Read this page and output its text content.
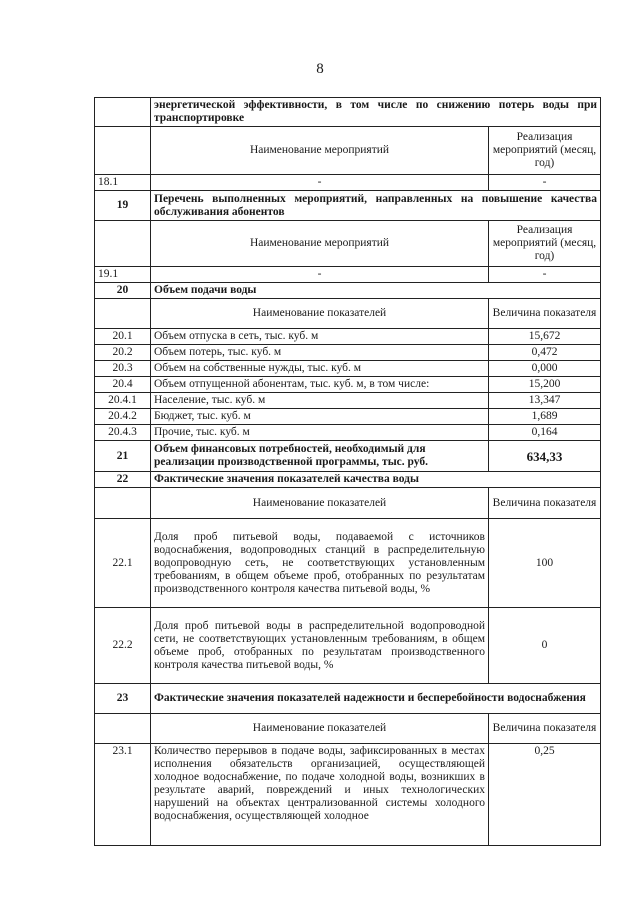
8
	энергетической эффективности, в том числе по снижению потерь воды при транспортировке	
	Наименование мероприятий	Реализация мероприятий (месяц, год)
18.1	-	-
19	Перечень выполненных мероприятий, направленных на повышение качества обслуживания абонентов	
	Наименование мероприятий	Реализация мероприятий (месяц, год)
19.1	-	-
20	Объем подачи воды	
	Наименование показателей	Величина показателя
20.1	Объем отпуска в сеть, тыс. куб. м	15,672
20.2	Объем потерь, тыс. куб. м	0,472
20.3	Объем на собственные нужды, тыс. куб. м	0,000
20.4	Объем отпущенной абонентам, тыс. куб. м, в том числе:	15,200
20.4.1	Население, тыс. куб. м	13,347
20.4.2	Бюджет, тыс. куб. м	1,689
20.4.3	Прочие, тыс. куб. м	0,164
21	Объем финансовых потребностей, необходимый для реализации производственной программы, тыс. руб.	634,33
22	Фактические значения показателей качества воды	
	Наименование показателей	Величина показателя
22.1	Доля проб питьевой воды, подаваемой с источников водоснабжения, водопроводных станций в распределительную водопроводную сеть, не соответствующих установленным требованиям, в общем объеме проб, отобранных по результатам производственного контроля качества питьевой воды, %	100
22.2	Доля проб питьевой воды в распределительной водопроводной сети, не соответствующих установленным требованиям, в общем объеме проб, отобранных по результатам производственного контроля качества питьевой воды, %	0
23	Фактические значения показателей надежности и бесперебойности водоснабжения	
	Наименование показателей	Величина показателя
23.1	Количество перерывов в подаче воды, зафиксированных в местах исполнения обязательств организацией, осуществляющей холодное водоснабжение, по подаче холодной воды, возникших в результате аварий, повреждений и иных технологических нарушений на объектах централизованной системы холодного водоснабжения, осуществляющей холодное	0,25
